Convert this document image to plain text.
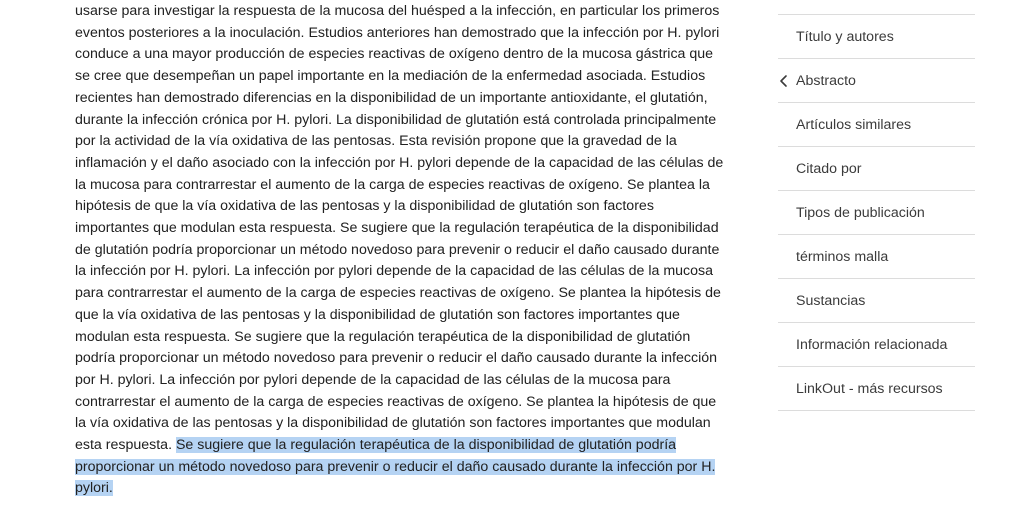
usarse para investigar la respuesta de la mucosa del huésped a la infección, en particular los primeros eventos posteriores a la inoculación. Estudios anteriores han demostrado que la infección por H. pylori conduce a una mayor producción de especies reactivas de oxígeno dentro de la mucosa gástrica que se cree que desempeñan un papel importante en la mediación de la enfermedad asociada. Estudios recientes han demostrado diferencias en la disponibilidad de un importante antioxidante, el glutatión, durante la infección crónica por H. pylori. La disponibilidad de glutatión está controlada principalmente por la actividad de la vía oxidativa de las pentosas. Esta revisión propone que la gravedad de la inflamación y el daño asociado con la infección por H. pylori depende de la capacidad de las células de la mucosa para contrarrestar el aumento de la carga de especies reactivas de oxígeno. Se plantea la hipótesis de que la vía oxidativa de las pentosas y la disponibilidad de glutatión son factores importantes que modulan esta respuesta. Se sugiere que la regulación terapéutica de la disponibilidad de glutatión podría proporcionar un método novedoso para prevenir o reducir el daño causado durante la infección por H. pylori. La infección por pylori depende de la capacidad de las células de la mucosa para contrarrestar el aumento de la carga de especies reactivas de oxígeno. Se plantea la hipótesis de que la vía oxidativa de las pentosas y la disponibilidad de glutatión son factores importantes que modulan esta respuesta. Se sugiere que la regulación terapéutica de la disponibilidad de glutatión podría proporcionar un método novedoso para prevenir o reducir el daño causado durante la infección por H. pylori. La infección por pylori depende de la capacidad de las células de la mucosa para contrarrestar el aumento de la carga de especies reactivas de oxígeno. Se plantea la hipótesis de que la vía oxidativa de las pentosas y la disponibilidad de glutatión son factores importantes que modulan esta respuesta. Se sugiere que la regulación terapéutica de la disponibilidad de glutatión podría proporcionar un método novedoso para prevenir o reducir el daño causado durante la infección por H. pylori.

Título y autores
Abstracto
Artículos similares
Citado por
Tipos de publicación
términos malla
Sustancias
Información relacionada
LinkOut - más recursos
